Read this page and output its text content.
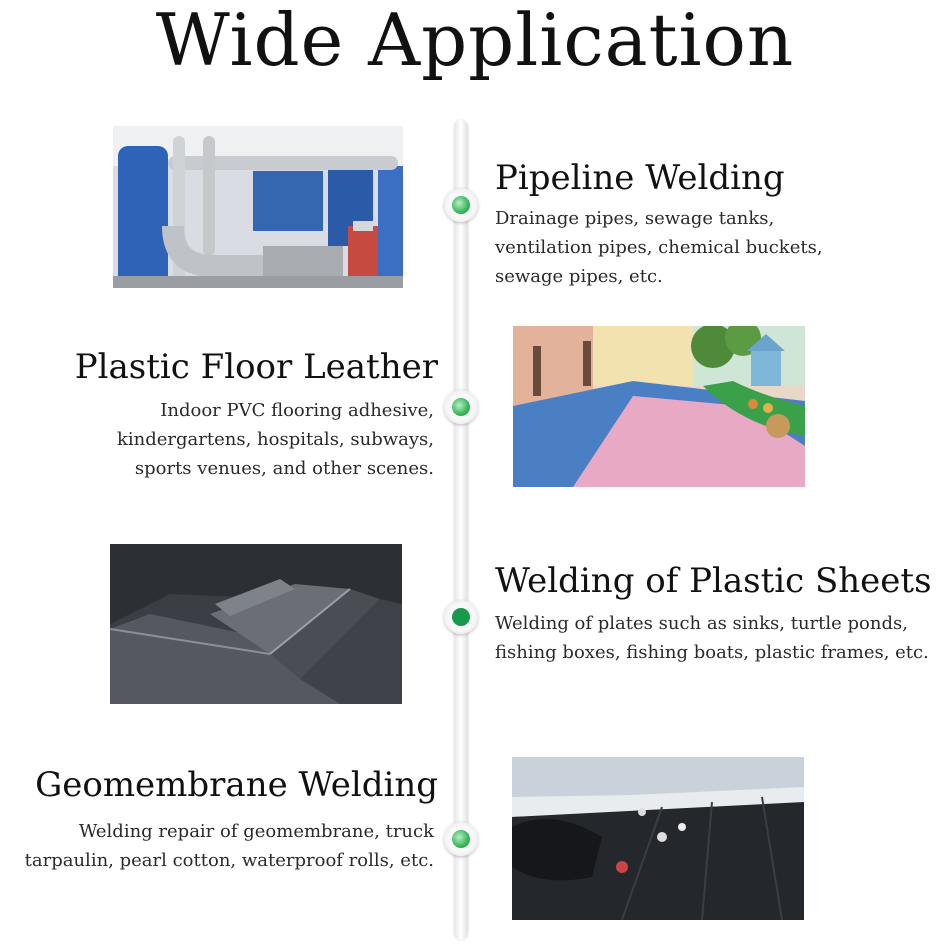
Wide Application
Pipeline Welding
Drainage pipes, sewage tanks,
ventilation pipes, chemical buckets,
sewage pipes, etc.
Plastic Floor Leather
Indoor PVC flooring adhesive,
kindergartens, hospitals, subways,
sports venues, and other scenes.
Welding of Plastic Sheets
Welding of plates such as sinks, turtle ponds,
fishing boxes, fishing boats, plastic frames, etc.
Geomembrane Welding
Welding repair of geomembrane, truck
tarpaulin, pearl cotton, waterproof rolls, etc.
